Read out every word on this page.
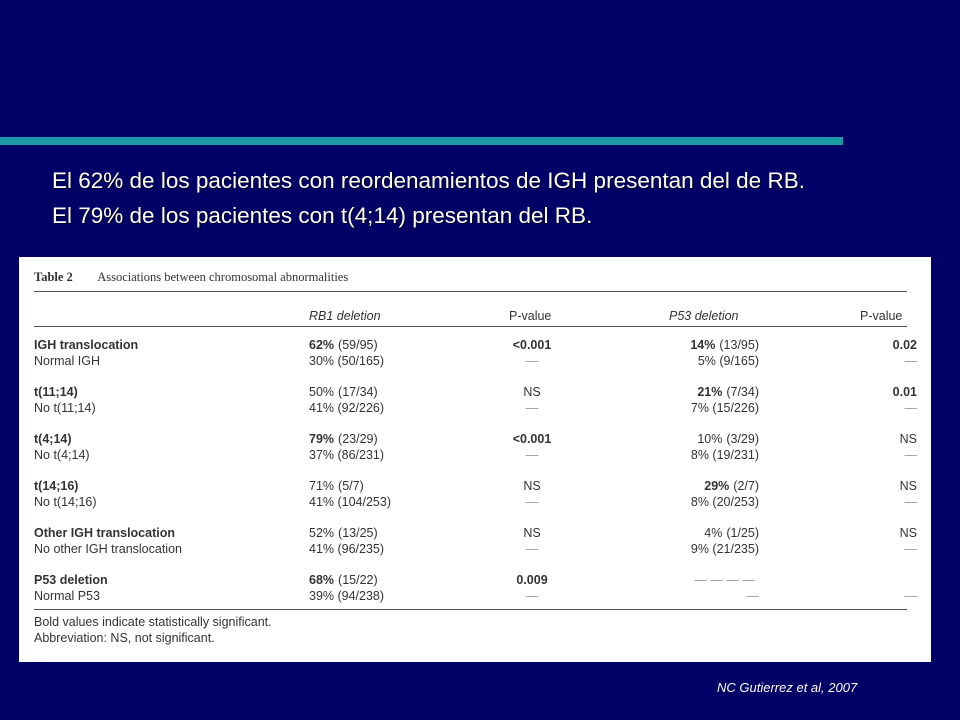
El 62% de los pacientes con reordenamientos de IGH presentan del de RB.
El 79% de los pacientes con t(4;14) presentan del RB.
Table 2 Associations between chromosomal abnormalities
RB1 deletion	P-value	P53 deletion	P-value
IGH translocation	62% (59/95)	<0.001	14% (13/95)	0.02
Normal IGH	30% (50/165)	—	5% (9/165)	—
t(11;14)	50% (17/34)	NS	21% (7/34)	0.01
No t(11;14)	41% (92/226)	—	7% (15/226)	—
t(4;14)	79% (23/29)	<0.001	10% (3/29)	NS
No t(4;14)	37% (86/231)	—	8% (19/231)	—
t(14;16)	71% (5/7)	NS	29% (2/7)	NS
No t(14;16)	41% (104/253)	—	8% (20/253)	—
Other IGH translocation	52% (13/25)	NS	4% (1/25)	NS
No other IGH translocation	41% (96/235)	—	9% (21/235)	—
P53 deletion	68% (15/22)	0.009	— — — —
Normal P53	39% (94/238)	—	—	—
Bold values indicate statistically significant.
Abbreviation: NS, not significant.
NC Gutierrez et al, 2007
